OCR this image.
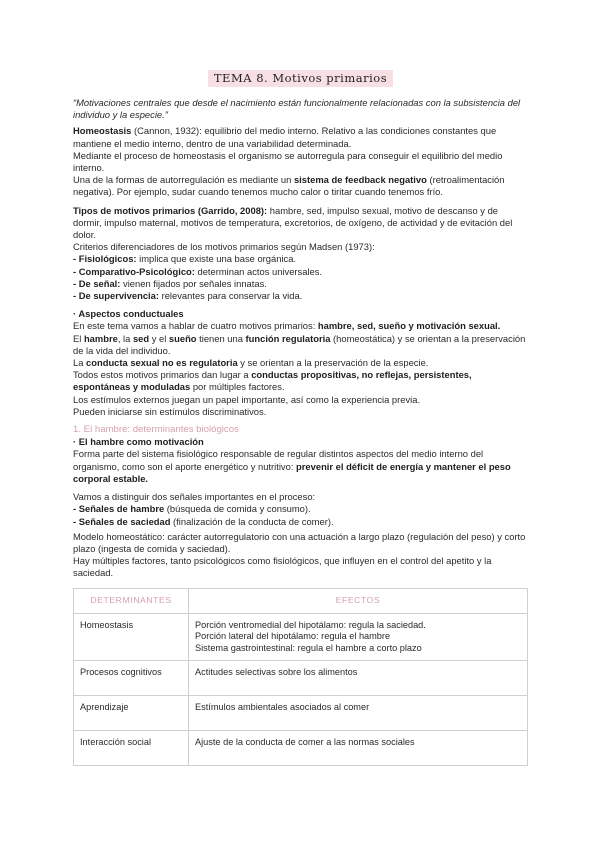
TEMA 8. Motivos primarios

“Motivaciones centrales que desde el nacimiento están funcionalmente relacionadas con la subsistencia del individuo y la especie.”

Homeostasis (Cannon, 1932): equilibrio del medio interno. Relativo a las condiciones constantes que mantiene el medio interno, dentro de una variabilidad determinada.

Mediante el proceso de homeostasis el organismo se autorregula para conseguir el equilibrio del medio interno.

Una de la formas de autorregulación es mediante un sistema de feedback negativo (retroalimentación negativa). Por ejemplo, sudar cuando tenemos mucho calor o tiritar cuando tenemos frío.

Tipos de motivos primarios (Garrido, 2008): hambre, sed, impulso sexual, motivo de descanso y de dormir, impulso maternal, motivos de temperatura, excretorios, de oxígeno, de actividad y de evitación del dolor.

Criterios diferenciadores de los motivos primarios según Madsen (1973):

- Fisiológicos: implica que existe una base orgánica.

- Comparativo-Psicológico: determinan actos universales.

- De señal: vienen fijados por señales innatas.

- De supervivencia: relevantes para conservar la vida.

· Aspectos conductuales

En este tema vamos a hablar de cuatro motivos primarios: hambre, sed, sueño y motivación sexual.

El hambre, la sed y el sueño tienen una función regulatoria (homeostática) y se orientan a la preservación de la vida del individuo.

La conducta sexual no es regulatoria y se orientan a la preservación de la especie.

Todos estos motivos primarios dan lugar a conductas propositivas, no reflejas, persistentes, espontáneas y moduladas por múltiples factores.

Los estímulos externos juegan un papel importante, así como la experiencia previa.

Pueden iniciarse sin estímulos discriminativos.

1. El hambre: determinantes biológicos

· El hambre como motivación

Forma parte del sistema fisiológico responsable de regular distintos aspectos del medio interno del organismo, como son el aporte energético y nutritivo: prevenir el déficit de energía y mantener el peso corporal estable.

Vamos a distinguir dos señales importantes en el proceso:

- Señales de hambre (búsqueda de comida y consumo).

- Señales de saciedad (finalización de la conducta de comer).

Modelo homeostático: carácter autorregulatorio con una actuación a largo plazo (regulación del peso) y corto plazo (ingesta de comida y saciedad).

Hay múltiples factores, tanto psicológicos como fisiológicos, que influyen en el control del apetito y la saciedad.

DETERMINANTES	EFECTOS
Homeostasis	Porción ventromedial del hipotálamo: regula la saciedad.
Porción lateral del hipotálamo: regula el hambre
Sistema gastrointestinal: regula el hambre a corto plazo

Procesos cognitivos	Actitudes selectivas sobre los alimentos

Aprendizaje	Estímulos ambientales asociados al comer

Interacción social	Ajuste de la conducta de comer a las normas sociales
